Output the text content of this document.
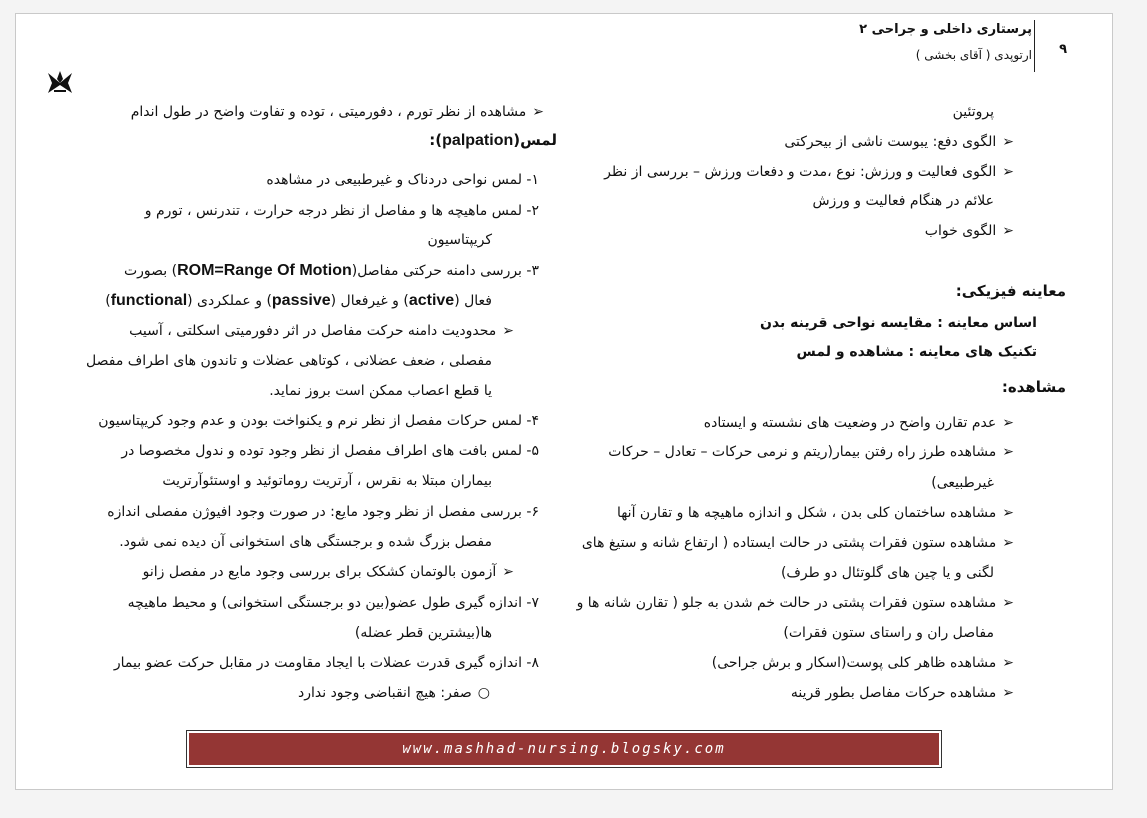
پرستاری داخلی و جراحی ۲
ارتوپدی ( آقای بخشی ) ۹
پروتئین
➢الگوی دفع: یبوست ناشی از بیحرکتی
➢الگوی فعالیت و ورزش: نوع ،مدت و دفعات ورزش – بررسی از نظر
علائم در هنگام فعالیت و ورزش
➢الگوی خواب
معاینه فیزیکی:
اساس معاینه : مقایسه نواحی قرینه بدن
تکنیک های معاینه : مشاهده و لمس
مشاهده:
➢عدم تقارن واضح در وضعیت های نشسته و ایستاده
➢مشاهده طرز راه رفتن بیمار(ریتم و نرمی حرکات – تعادل – حرکات
غیرطبیعی)
➢مشاهده ساختمان کلی بدن ، شکل و اندازه ماهیچه ها و تقارن آنها
➢مشاهده ستون فقرات پشتی در حالت ایستاده ( ارتفاع شانه و ستیغ های
لگنی و یا چین های گلوتئال دو طرف)
➢مشاهده ستون فقرات پشتی در حالت خم شدن به جلو ( تقارن شانه ها و
مفاصل ران و راستای ستون فقرات)
➢مشاهده ظاهر کلی پوست(اسکار و برش جراحی)
➢مشاهده حرکات مفاصل بطور قرینه
➢مشاهده از نظر تورم ، دفورمیتی ، توده و تفاوت واضح در طول اندام
لمس(palpation):
۱- لمس نواحی دردناک و غیرطبیعی در مشاهده
۲- لمس ماهیچه ها و مفاصل از نظر درجه حرارت ، تندرنس ، تورم و
کریپتاسیون
۳- بررسی دامنه حرکتی مفاصل(ROM=Range Of Motion) بصورت
فعال (active) و غیرفعال (passive) و عملکردی (functional)
➢محدودیت دامنه حرکت مفاصل در اثر دفورمیتی اسکلتی ، آسیب
مفصلی ، ضعف عضلانی ، کوتاهی عضلات و تاندون های اطراف مفصل
یا قطع اعصاب ممکن است بروز نماید.
۴- لمس حرکات مفصل از نظر نرم و یکنواخت بودن و عدم وجود کریپتاسیون
۵- لمس بافت های اطراف مفصل از نظر وجود توده و ندول مخصوصا در
بیماران مبتلا به نقرس ، آرتریت روماتوئید و اوستئوآرتریت
۶- بررسی مفصل از نظر وجود مایع: در صورت وجود افیوژن مفصلی اندازه
مفصل بزرگ شده و برجستگی های استخوانی آن دیده نمی شود.
➢آزمون بالوتمان کشکک برای بررسی وجود مایع در مفصل زانو
۷- اندازه گیری طول عضو(بین دو برجستگی استخوانی) و محیط ماهیچه
ها(بیشترین قطر عضله)
۸- اندازه گیری قدرت عضلات با ایجاد مقاومت در مقابل حرکت عضو بیمار
○صفر: هیچ انقباضی وجود ندارد
www.mashhad-nursing.blogsky.com
